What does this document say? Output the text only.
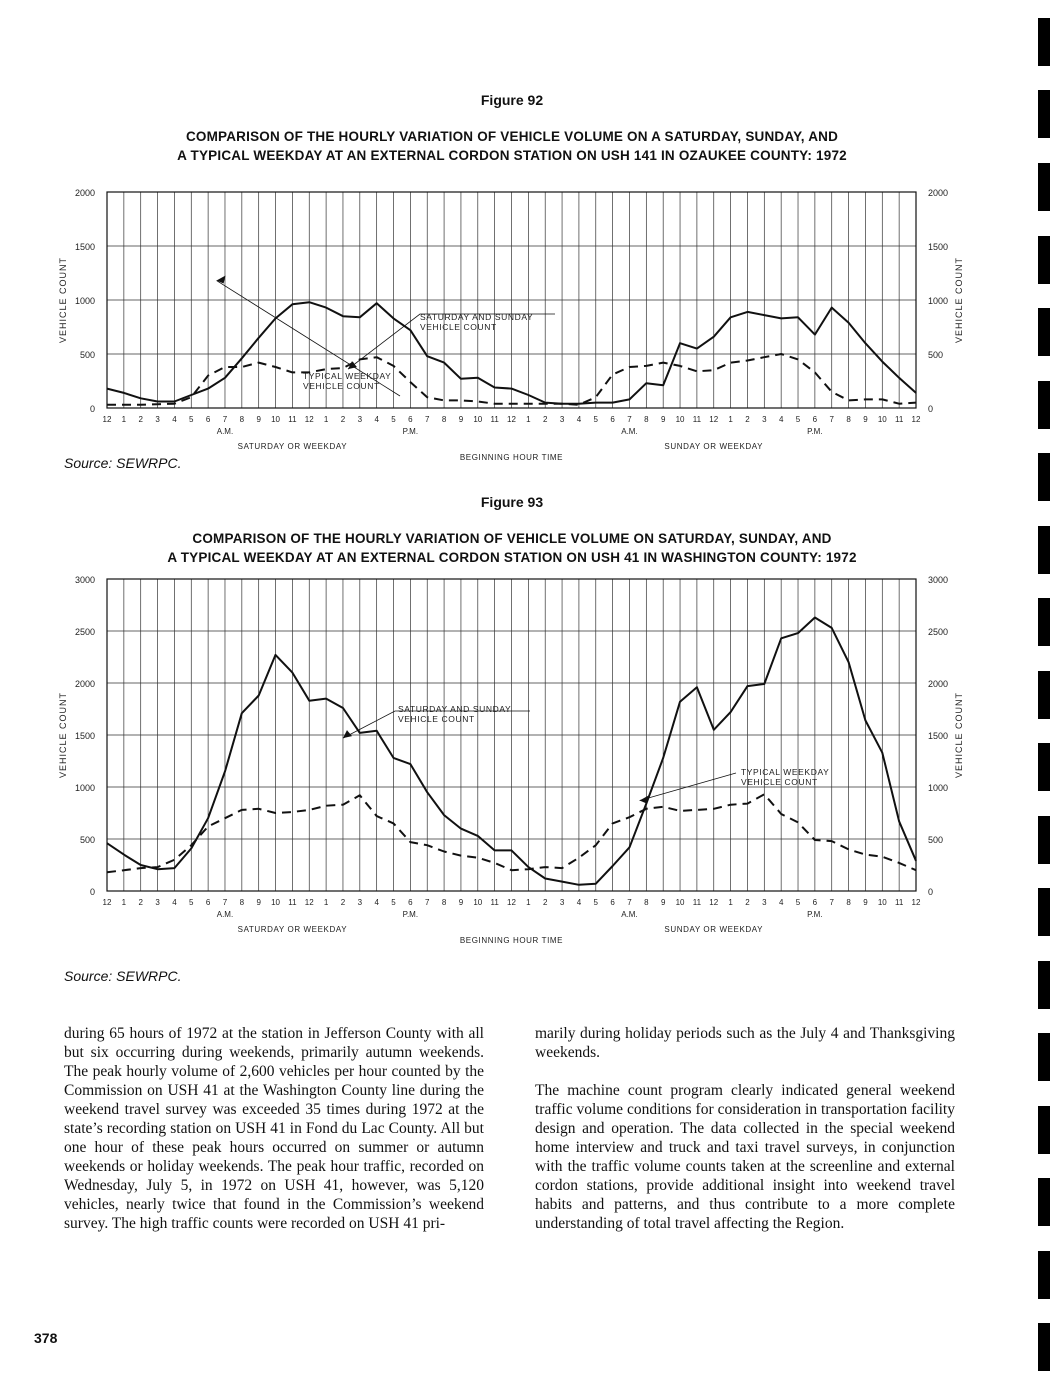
Figure 92
COMPARISON OF THE HOURLY VARIATION OF VEHICLE VOLUME ON A SATURDAY, SUNDAY, AND
A TYPICAL WEEKDAY AT AN EXTERNAL CORDON STATION ON USH 141 IN OZAUKEE COUNTY: 1972
0	0
500	500
1000	1000
1500	1500
2000	2000
VEHICLE COUNT	VEHICLE COUNT
12 1 2 3 4 5 6 7 8 9 10 11 12 1 2 3 4 5 6 7 8 9 10 11 12 1 2 3 4 5 6 7 8 9 10 11 12 1 2 3 4 5 6 7 8 9 10 11 12
A.M.	P.M.	A.M.	P.M.
SATURDAY OR WEEKDAY	SUNDAY OR WEEKDAY
BEGINNING HOUR TIME
SATURDAY AND SUNDAY
VEHICLE COUNT
TYPICAL WEEKDAY
VEHICLE COUNT
Source: SEWRPC.
Figure 93
COMPARISON OF THE HOURLY VARIATION OF VEHICLE VOLUME ON SATURDAY, SUNDAY, AND
A TYPICAL WEEKDAY AT AN EXTERNAL CORDON STATION ON USH 41 IN WASHINGTON COUNTY: 1972
0	0
500	500
1000	1000
1500	1500
2000	2000
2500	2500
3000	3000
VEHICLE COUNT	VEHICLE COUNT
12 1 2 3 4 5 6 7 8 9 10 11 12 1 2 3 4 5 6 7 8 9 10 11 12 1 2 3 4 5 6 7 8 9 10 11 12 1 2 3 4 5 6 7 8 9 10 11 12
A.M.	P.M.	A.M.	P.M.
SATURDAY OR WEEKDAY	SUNDAY OR WEEKDAY
BEGINNING HOUR TIME
SATURDAY AND SUNDAY
VEHICLE COUNT
TYPICAL WEEKDAY
VEHICLE COUNT
Source: SEWRPC.

during 65 hours of 1972 at the station in Jefferson County with all but six occurring during weekends, primarily autumn weekends. The peak hourly volume of 2,600 vehicles per hour counted by the Commission on USH 41 at the Washington County line during the weekend travel survey was exceeded 35 times during 1972 at the state’s recording station on USH 41 in Fond du Lac County. All but one hour of these peak hours occurred on summer or autumn weekends or holiday weekends. The peak hour traffic, recorded on Wednesday, July 5, in 1972 on USH 41, however, was 5,120 vehicles, nearly twice that found in the Commission’s weekend survey. The high traffic counts were recorded on USH 41 pri-

marily during holiday periods such as the July 4 and Thanksgiving weekends.

The machine count program clearly indicated general weekend traffic volume conditions for consideration in transportation facility design and operation. The data collected in the special weekend home interview and truck and taxi travel surveys, in conjunction with the traffic volume counts taken at the screenline and external cordon stations, provide additional insight into weekend travel habits and patterns, and thus contribute to a more complete understanding of total travel affecting the Region.

378
